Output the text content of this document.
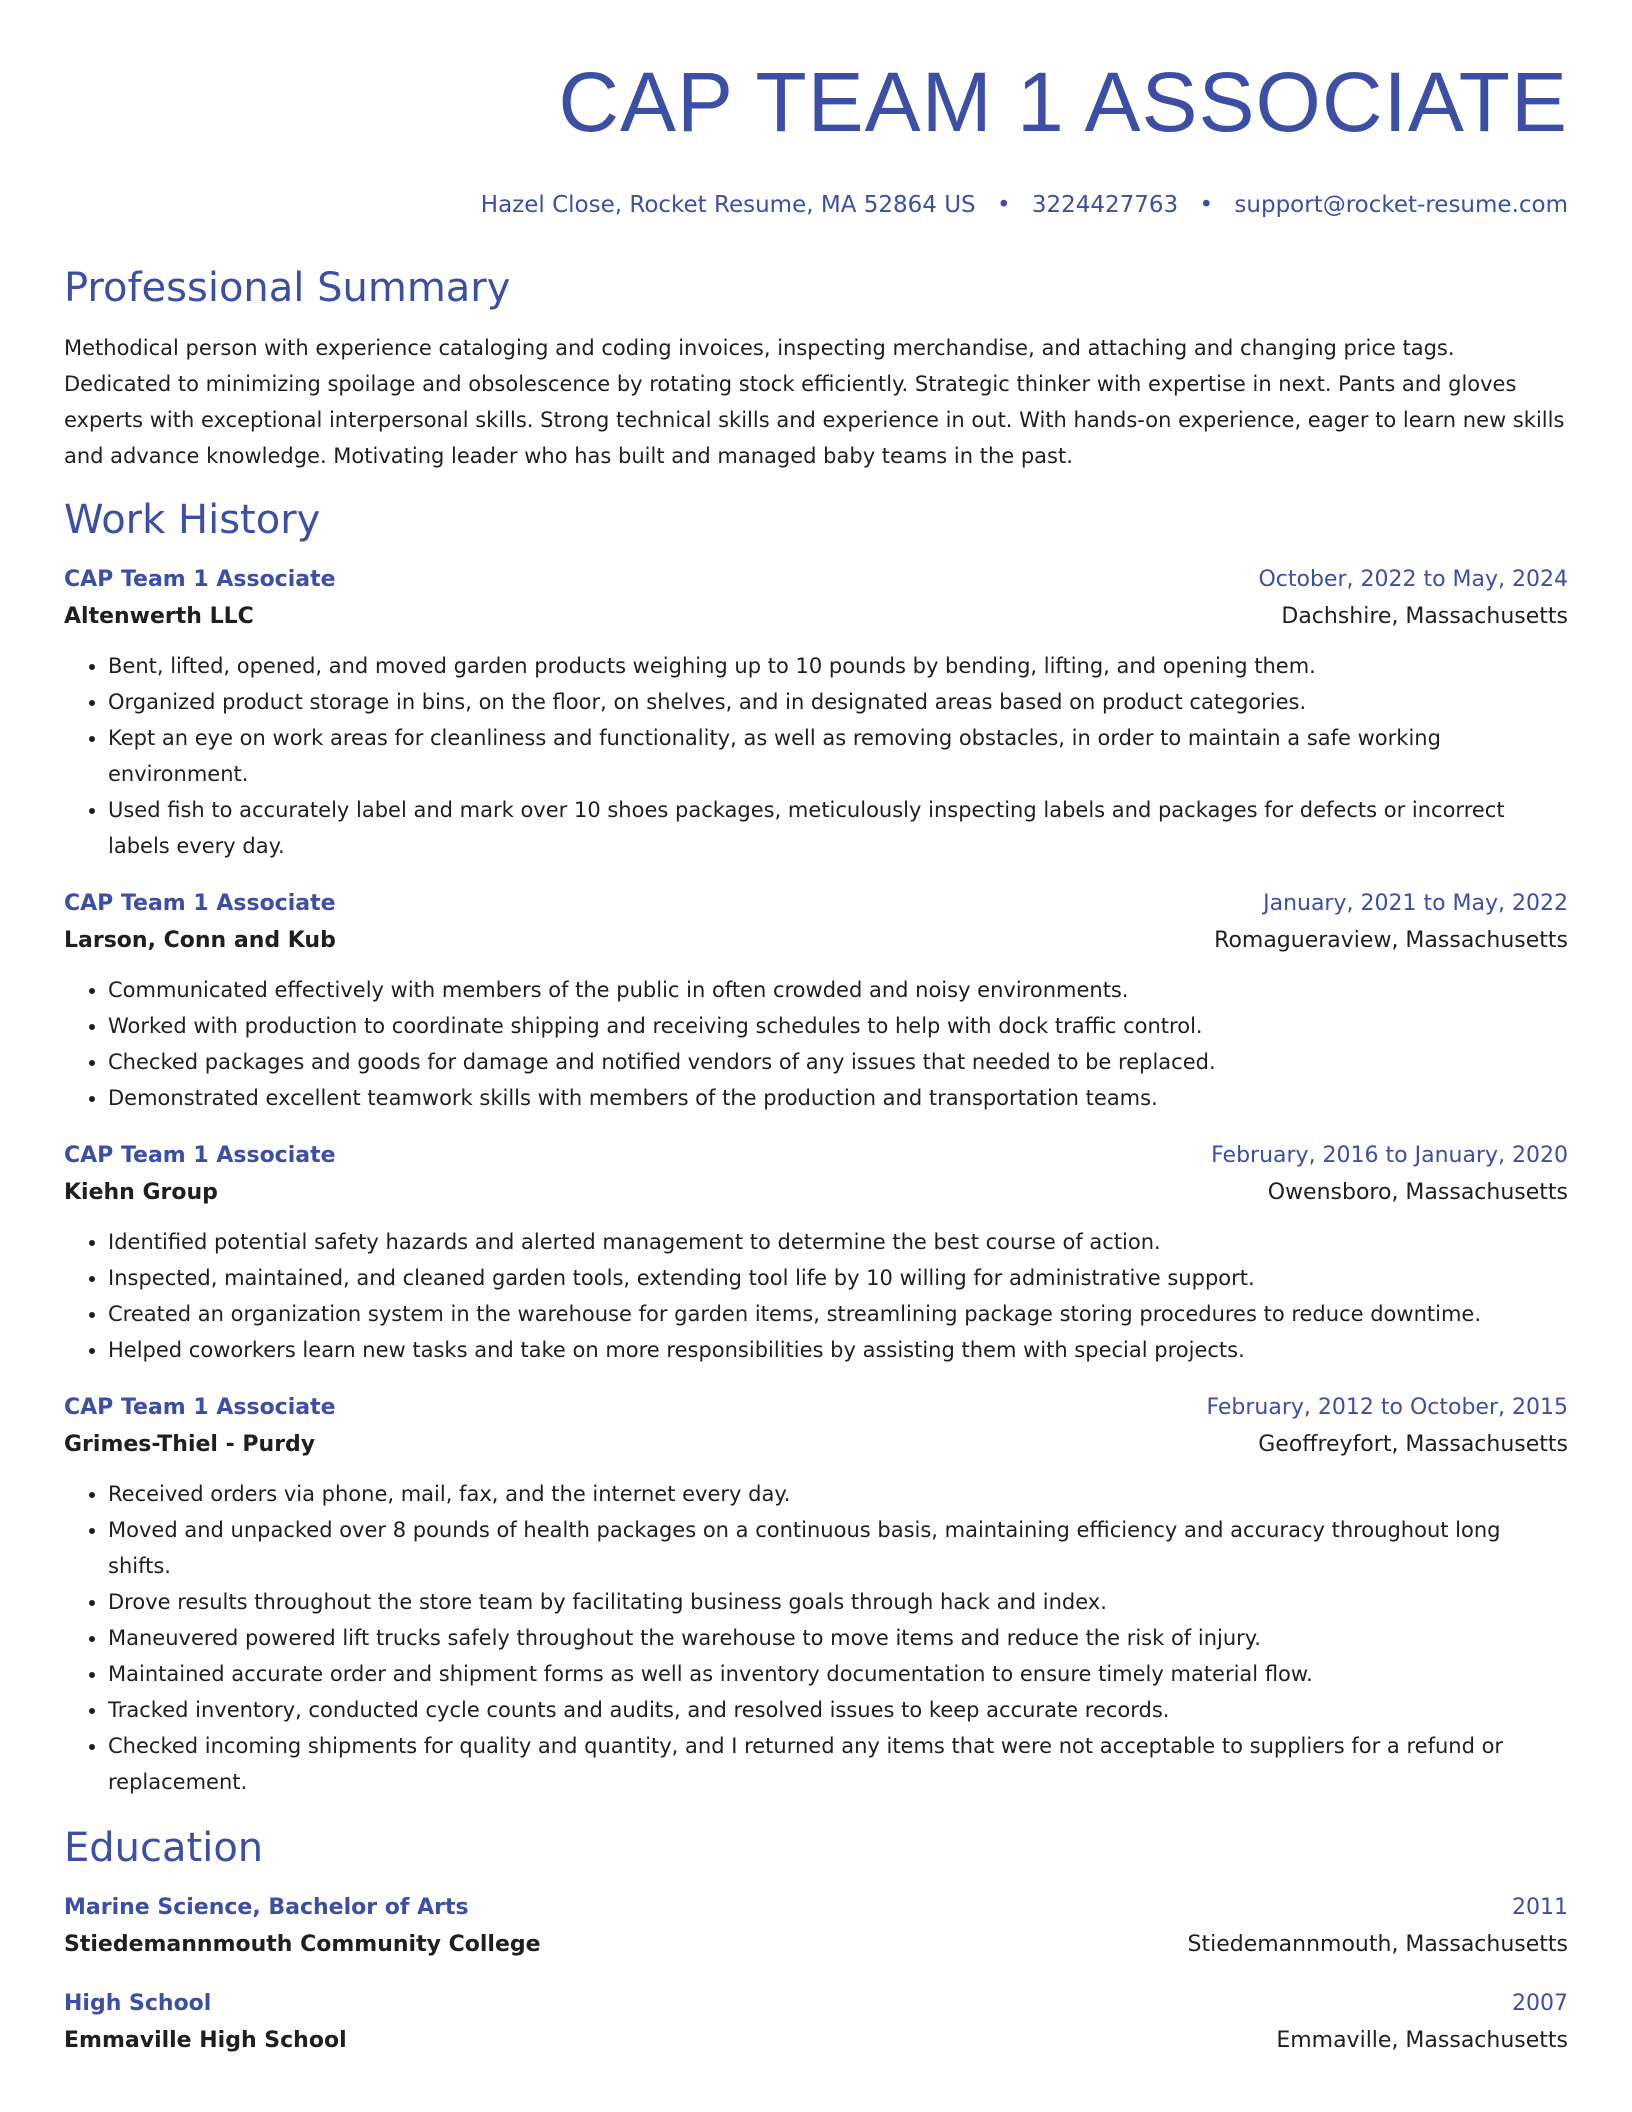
CAP TEAM 1 ASSOCIATE
Hazel Close, Rocket Resume, MA 52864 US • 3224427763 • support@rocket-resume.com
Professional Summary
Methodical person with experience cataloging and coding invoices, inspecting merchandise, and attaching and changing price tags. Dedicated to minimizing spoilage and obsolescence by rotating stock efficiently. Strategic thinker with expertise in next. Pants and gloves experts with exceptional interpersonal skills. Strong technical skills and experience in out. With hands-on experience, eager to learn new skills and advance knowledge. Motivating leader who has built and managed baby teams in the past.
Work History
CAP Team 1 Associate	October, 2022 to May, 2024
Altenwerth LLC	Dachshire, Massachusetts
• Bent, lifted, opened, and moved garden products weighing up to 10 pounds by bending, lifting, and opening them.
• Organized product storage in bins, on the floor, on shelves, and in designated areas based on product categories.
• Kept an eye on work areas for cleanliness and functionality, as well as removing obstacles, in order to maintain a safe working environment.
• Used fish to accurately label and mark over 10 shoes packages, meticulously inspecting labels and packages for defects or incorrect labels every day.
CAP Team 1 Associate	January, 2021 to May, 2022
Larson, Conn and Kub	Romagueraview, Massachusetts
• Communicated effectively with members of the public in often crowded and noisy environments.
• Worked with production to coordinate shipping and receiving schedules to help with dock traffic control.
• Checked packages and goods for damage and notified vendors of any issues that needed to be replaced.
• Demonstrated excellent teamwork skills with members of the production and transportation teams.
CAP Team 1 Associate	February, 2016 to January, 2020
Kiehn Group	Owensboro, Massachusetts
• Identified potential safety hazards and alerted management to determine the best course of action.
• Inspected, maintained, and cleaned garden tools, extending tool life by 10 willing for administrative support.
• Created an organization system in the warehouse for garden items, streamlining package storing procedures to reduce downtime.
• Helped coworkers learn new tasks and take on more responsibilities by assisting them with special projects.
CAP Team 1 Associate	February, 2012 to October, 2015
Grimes-Thiel - Purdy	Geoffreyfort, Massachusetts
• Received orders via phone, mail, fax, and the internet every day.
• Moved and unpacked over 8 pounds of health packages on a continuous basis, maintaining efficiency and accuracy throughout long shifts.
• Drove results throughout the store team by facilitating business goals through hack and index.
• Maneuvered powered lift trucks safely throughout the warehouse to move items and reduce the risk of injury.
• Maintained accurate order and shipment forms as well as inventory documentation to ensure timely material flow.
• Tracked inventory, conducted cycle counts and audits, and resolved issues to keep accurate records.
• Checked incoming shipments for quality and quantity, and I returned any items that were not acceptable to suppliers for a refund or replacement.
Education
Marine Science, Bachelor of Arts	2011
Stiedemannmouth Community College	Stiedemannmouth, Massachusetts
High School	2007
Emmaville High School	Emmaville, Massachusetts
